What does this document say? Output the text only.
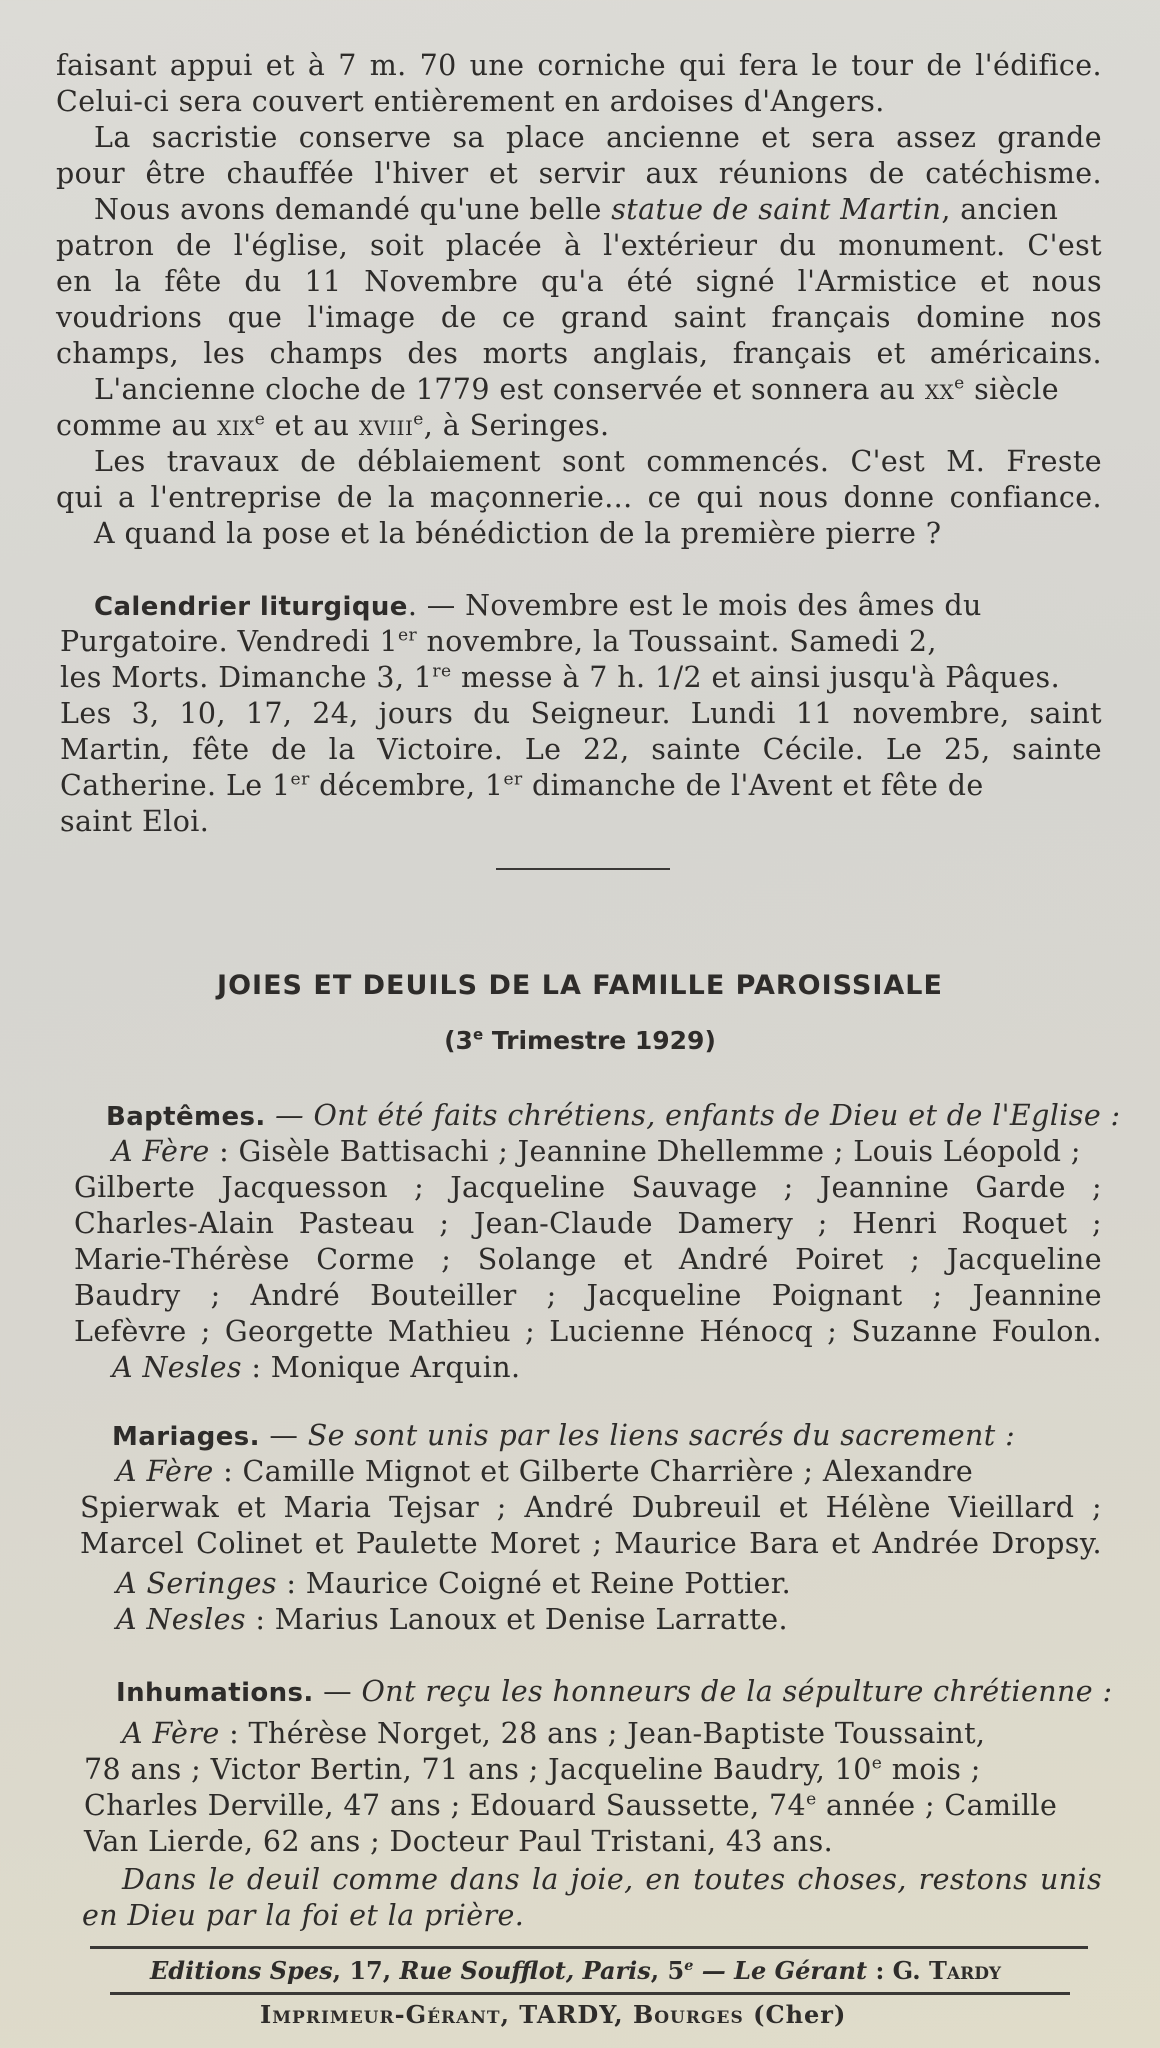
faisant appui et à 7 m. 70 une corniche qui fera le tour de l'édifice.
Celui-ci sera couvert entièrement en ardoises d'Angers.
La sacristie conserve sa place ancienne et sera assez grande
pour être chauffée l'hiver et servir aux réunions de catéchisme.
Nous avons demandé qu'une belle statue de saint Martin, ancien
patron de l'église, soit placée à l'extérieur du monument. C'est
en la fête du 11 Novembre qu'a été signé l'Armistice et nous
voudrions que l'image de ce grand saint français domine nos
champs, les champs des morts anglais, français et américains.
L'ancienne cloche de 1779 est conservée et sonnera au $xx^e$ siècle
comme au xix$^e$ et au xviii$^e$, à Seringes.
Les travaux de déblaiement sont commencés. C'est M. Freste
qui a l'entreprise de la maçonnerie... ce qui nous donne confiance.
A quand la pose et la bénédiction de la première pierre ?
Calendrier liturgique. — Novembre est le mois des âmes du
Purgatoire. Vendredi 1er novembre, la Toussaint. Samedi 2,
les Morts. Dimanche 3, 1re messe à 7 h. 1/2 et ainsi jusqu'à Pâques.
Les 3, 10, 17, 24, jours du Seigneur. Lundi 11 novembre, saint
Martin, fête de la Victoire. Le 22, sainte Cécile. Le 25, sainte
Catherine. Le 1er décembre, 1er dimanche de l'Avent et fête de
saint Eloi.
JOIES ET DEUILS DE LA FAMILLE PAROISSIALE
(3e Trimestre 1929)
Baptêmes. — Ont été faits chrétiens, enfants de Dieu et de l'Eglise :
A Fère : Gisèle Battisachi ; Jeannine Dhellemme ; Louis Léopold ;
Gilberte Jacquesson ; Jacqueline Sauvage ; Jeannine Garde ;
Charles-Alain Pasteau ; Jean-Claude Damery ; Henri Roquet ;
Marie-Thérèse Corme ; Solange et André Poiret ; Jacqueline
Baudry ; André Bouteiller ; Jacqueline Poignant ; Jeannine
Lefèvre ; Georgette Mathieu ; Lucienne Hénocq ; Suzanne Foulon.
A Nesles : Monique Arquin.
Mariages. — Se sont unis par les liens sacrés du sacrement :
A Fère : Camille Mignot et Gilberte Charrière ; Alexandre
Spierwak et Maria Tejsar ; André Dubreuil et Hélène Vieillard ;
Marcel Colinet et Paulette Moret ; Maurice Bara et Andrée Dropsy.
A Seringes : Maurice Coigné et Reine Pottier.
A Nesles : Marius Lanoux et Denise Larratte.
Inhumations. — Ont reçu les honneurs de la sépulture chrétienne :
A Fère : Thérèse Norget, 28 ans ; Jean-Baptiste Toussaint,
78 ans ; Victor Bertin, 71 ans ; Jacqueline Baudry, 10e mois ;
Charles Derville, 47 ans ; Edouard Saussette, 74e année ; Camille
Van Lierde, 62 ans ; Docteur Paul Tristani, 43 ans.
Dans le deuil comme dans la joie, en toutes choses, restons unis
en Dieu par la foi et la prière.
Editions Spes, 17, Rue Soufflot, Paris, 5e — Le Gérant : G. Tardy
Imprimeur-Gérant, TARDY, Bourges (Cher)
